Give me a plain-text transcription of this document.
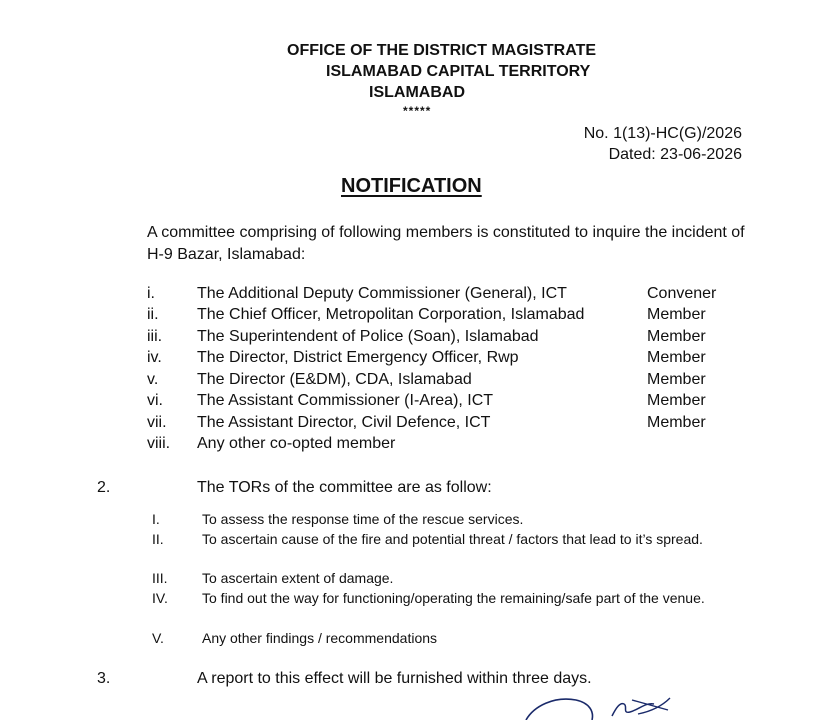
OFFICE OF THE DISTRICT MAGISTRATE
ISLAMABAD CAPITAL TERRITORY
ISLAMABAD
*****
No. 1(13)-HC(G)/2026
Dated: 23-06-2026
NOTIFICATION
A committee comprising of following members is constituted to inquire the incident of H-9 Bazar, Islamabad:
i.	The Additional Deputy Commissioner (General), ICT	Convener
ii. The Chief Officer, Metropolitan Corporation, Islamabad	Member
iii. The Superintendent of Police (Soan), Islamabad	Member
iv. The Director, District Emergency Officer, Rwp	Member
v. The Director (E&DM), CDA, Islamabad	Member
vi. The Assistant Commissioner (I-Area), ICT	Member
vii. The Assistant Director, Civil Defence, ICT	Member
viii. Any other co-opted member
2.	The TORs of the committee are as follow:
I.	To assess the response time of the rescue services.
II.	To ascertain cause of the fire and potential threat / factors that lead to it’s spread.
III. To ascertain extent of damage.
IV. To find out the way for functioning/operating the remaining/safe part of the venue.
V.	Any other findings / recommendations
3.	A report to this effect will be furnished within three days.
